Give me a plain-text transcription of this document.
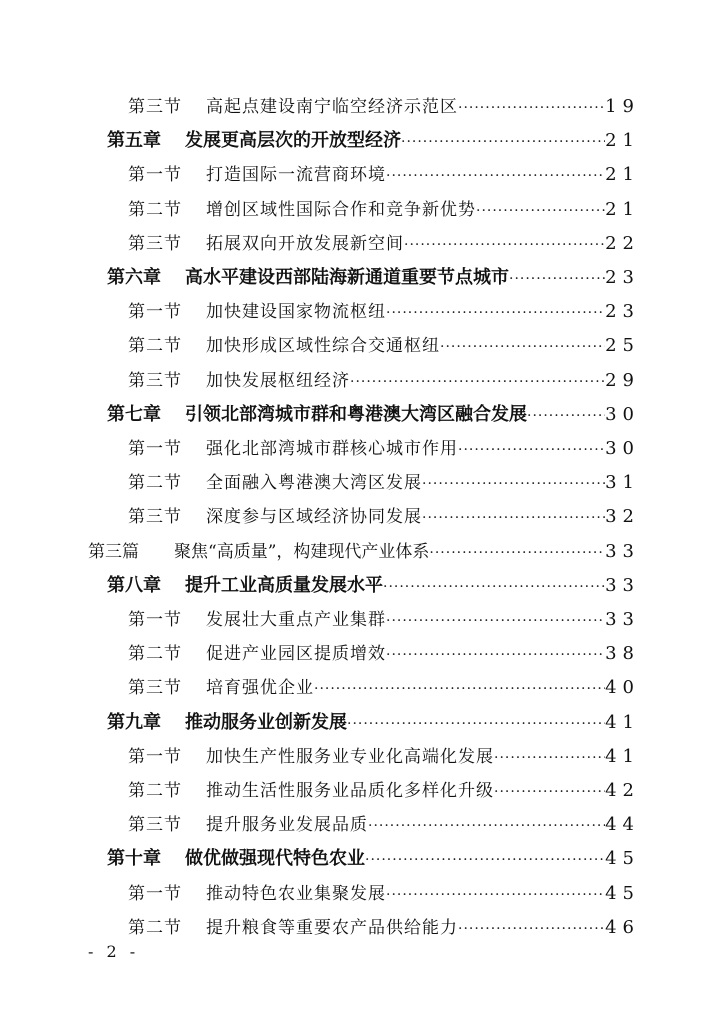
第三节	高起点建设南宁临空经济示范区 ·····	19
第五章	发展更高层次的开放型经济 ·····	21
第一节	打造国际一流营商环境 ·····	21
第二节	增创区域性国际合作和竞争新优势 ·····	21
第三节	拓展双向开放发展新空间 ·····	22
第六章	高水平建设西部陆海新通道重要节点城市 ·····	23
第一节	加快建设国家物流枢纽 ·····	23
第二节	加快形成区域性综合交通枢纽 ·····	25
第三节	加快发展枢纽经济 ·····	29
第七章	引领北部湾城市群和粤港澳大湾区融合发展 ·····	30
第一节	强化北部湾城市群核心城市作用 ·····	30
第二节	全面融入粤港澳大湾区发展 ·····	31
第三节	深度参与区域经济协同发展 ·····	32
第三篇	聚焦“高质量”，构建现代产业体系 ·····	33
第八章	提升工业高质量发展水平 ·····	33
第一节	发展壮大重点产业集群 ·····	33
第二节	促进产业园区提质增效 ·····	38
第三节	培育强优企业 ·····	40
第九章	推动服务业创新发展 ·····	41
第一节	加快生产性服务业专业化高端化发展 ·····	41
第二节	推动生活性服务业品质化多样化升级 ·····	42
第三节	提升服务业发展品质 ·····	44
第十章	做优做强现代特色农业 ·····	45
第一节	推动特色农业集聚发展 ·····	45
第二节	提升粮食等重要农产品供给能力 ·····	46
- 2 -
